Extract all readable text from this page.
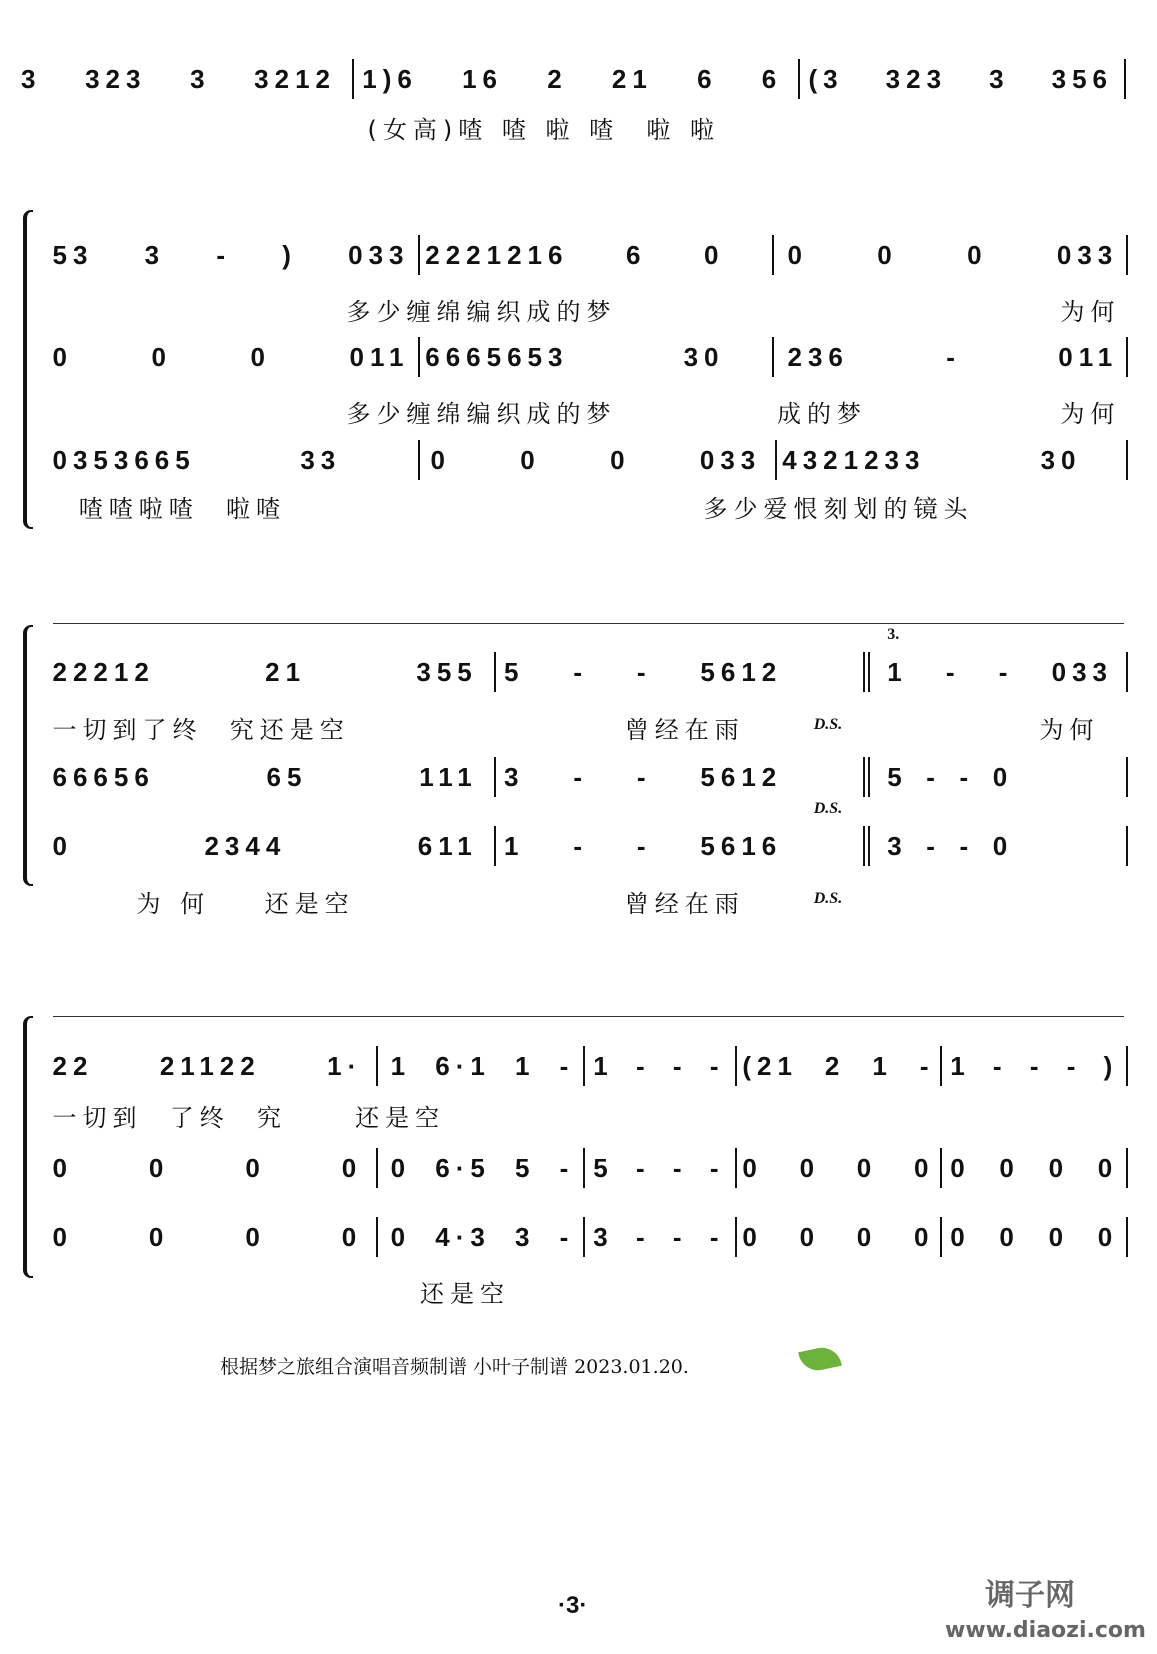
根据梦之旅组合演唱音频制谱 小叶子制谱 2023.01.20.
·3·	调子网
www.diaozi.com
3 323 3 3212 1)6 16 2 21 6 6 (3 323 3 356
(女高)喳 喳 啦 喳  啦 啦
53 3 - ) 033 2221216 6 0 0 0 0 033
多少缠绵编织成的梦	为何
0 0 0 011 6665653 30 236 - 011
多少缠绵编织成的梦	成的梦	为何
0353665 33	0 0 0 033 4321233 30
喳喳啦喳  啦喳	多少爱恨刻划的镜头
22212 21 355 5 - - 5612	1 - - 033
一切到了终  究还是空	曾经在雨	为何
D.S.
3.
66656 65 111 3 - - 5612	5 - - 0
D.S.
0 2344 611 1 - - 5616	3 - - 0
为 何    还是空	曾经在雨	D.S.
22 21122 1· 1 6·1 1 - 1 - - - (21 2 1 - 1 - - - )
一切到  了终  究     还是空
0 0 0 0 0 6·5 5 - 5 - - - 0 0 0 0 0 0 0 0
0 0 0 0 0 4·3 3 - 3 - - - 0 0 0 0 0 0 0 0
还是空
